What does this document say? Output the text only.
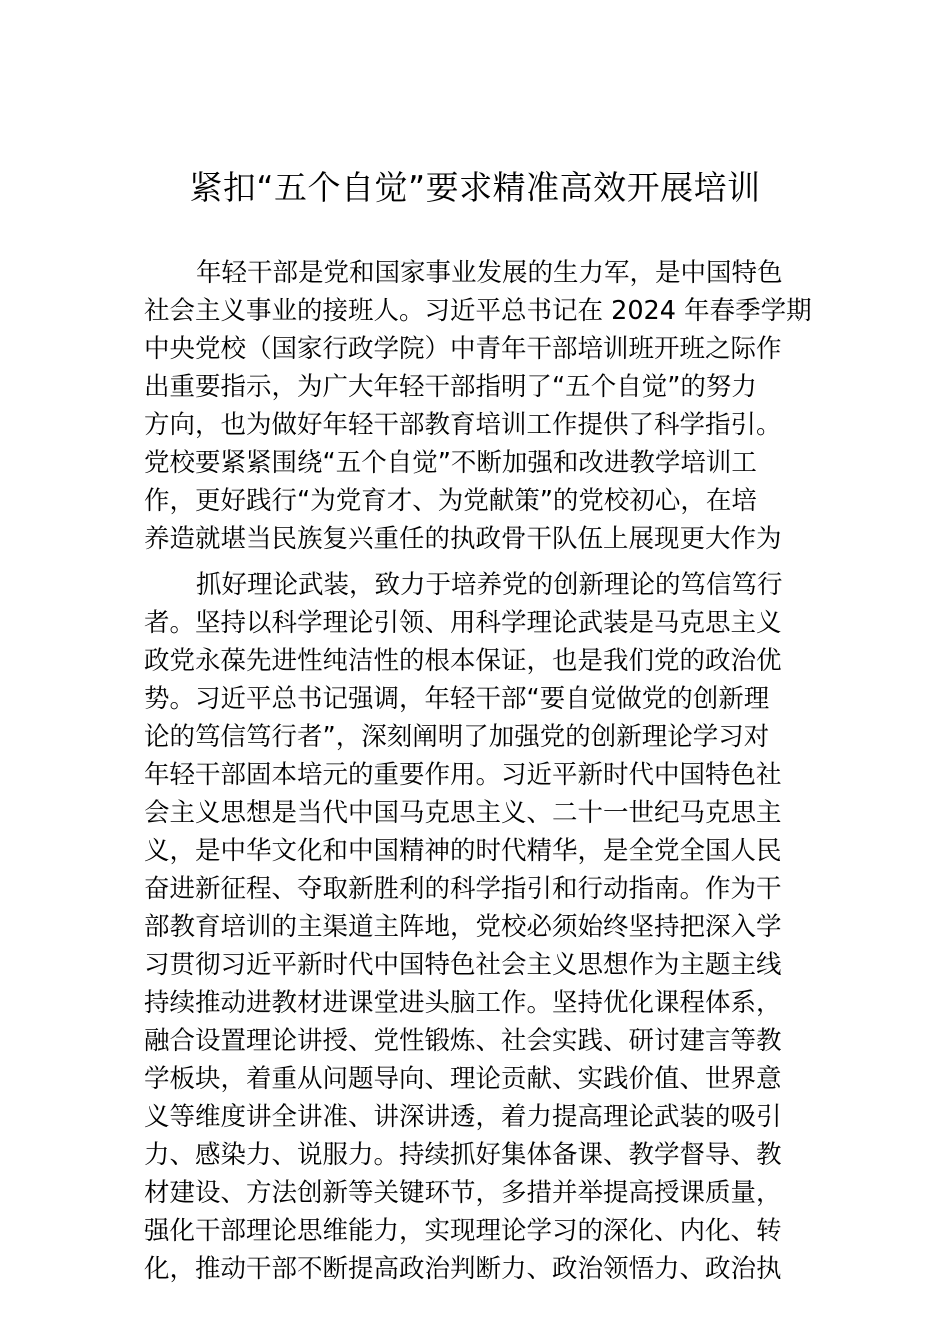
紧扣“五个自觉”要求精准高效开展培训
年轻干部是党和国家事业发展的生力军，是中国特色
社会主义事业的接班人。习近平总书记在 2024 年春季学期
中央党校（国家行政学院）中青年干部培训班开班之际作
出重要指示，为广大年轻干部指明了“五个自觉”的努力
方向，也为做好年轻干部教育培训工作提供了科学指引。
党校要紧紧围绕“五个自觉”不断加强和改进教学培训工
作，更好践行“为党育才、为党献策”的党校初心，在培
养造就堪当民族复兴重任的执政骨干队伍上展现更大作为
抓好理论武装，致力于培养党的创新理论的笃信笃行
者。坚持以科学理论引领、用科学理论武装是马克思主义
政党永葆先进性纯洁性的根本保证，也是我们党的政治优
势。习近平总书记强调，年轻干部“要自觉做党的创新理
论的笃信笃行者”，深刻阐明了加强党的创新理论学习对
年轻干部固本培元的重要作用。习近平新时代中国特色社
会主义思想是当代中国马克思主义、二十一世纪马克思主
义，是中华文化和中国精神的时代精华，是全党全国人民
奋进新征程、夺取新胜利的科学指引和行动指南。作为干
部教育培训的主渠道主阵地，党校必须始终坚持把深入学
习贯彻习近平新时代中国特色社会主义思想作为主题主线
持续推动进教材进课堂进头脑工作。坚持优化课程体系，
融合设置理论讲授、党性锻炼、社会实践、研讨建言等教
学板块，着重从问题导向、理论贡献、实践价值、世界意
义等维度讲全讲准、讲深讲透，着力提高理论武装的吸引
力、感染力、说服力。持续抓好集体备课、教学督导、教
材建设、方法创新等关键环节，多措并举提高授课质量，
强化干部理论思维能力，实现理论学习的深化、内化、转
化，推动干部不断提高政治判断力、政治领悟力、政治执
